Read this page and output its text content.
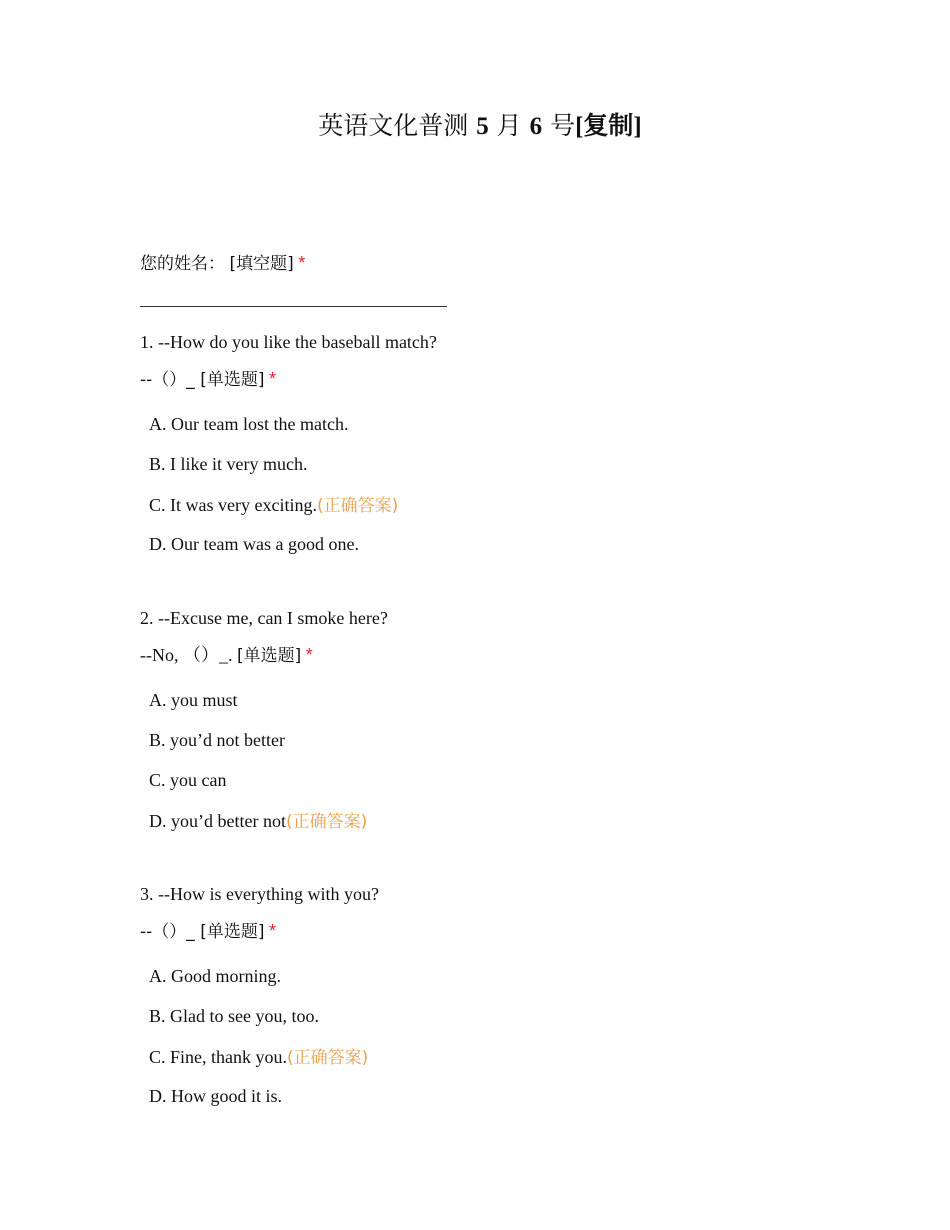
英语文化普测 5 月 6 号[复制]
您的姓名： [填空题] *
1. --How do you like the baseball match?
--（）_ [单选题] *
A. Our team lost the match.
B. I like it very much.
C. It was very exciting.(正确答案)
D. Our team was a good one.
2. --Excuse me, can I smoke here?
--No, （）_. [单选题] *
A. you must
B. you’d not better
C. you can
D. you’d better not(正确答案)
3. --How is everything with you?
--（）_ [单选题] *
A. Good morning.
B. Glad to see you, too.
C. Fine, thank you.(正确答案)
D. How good it is.
